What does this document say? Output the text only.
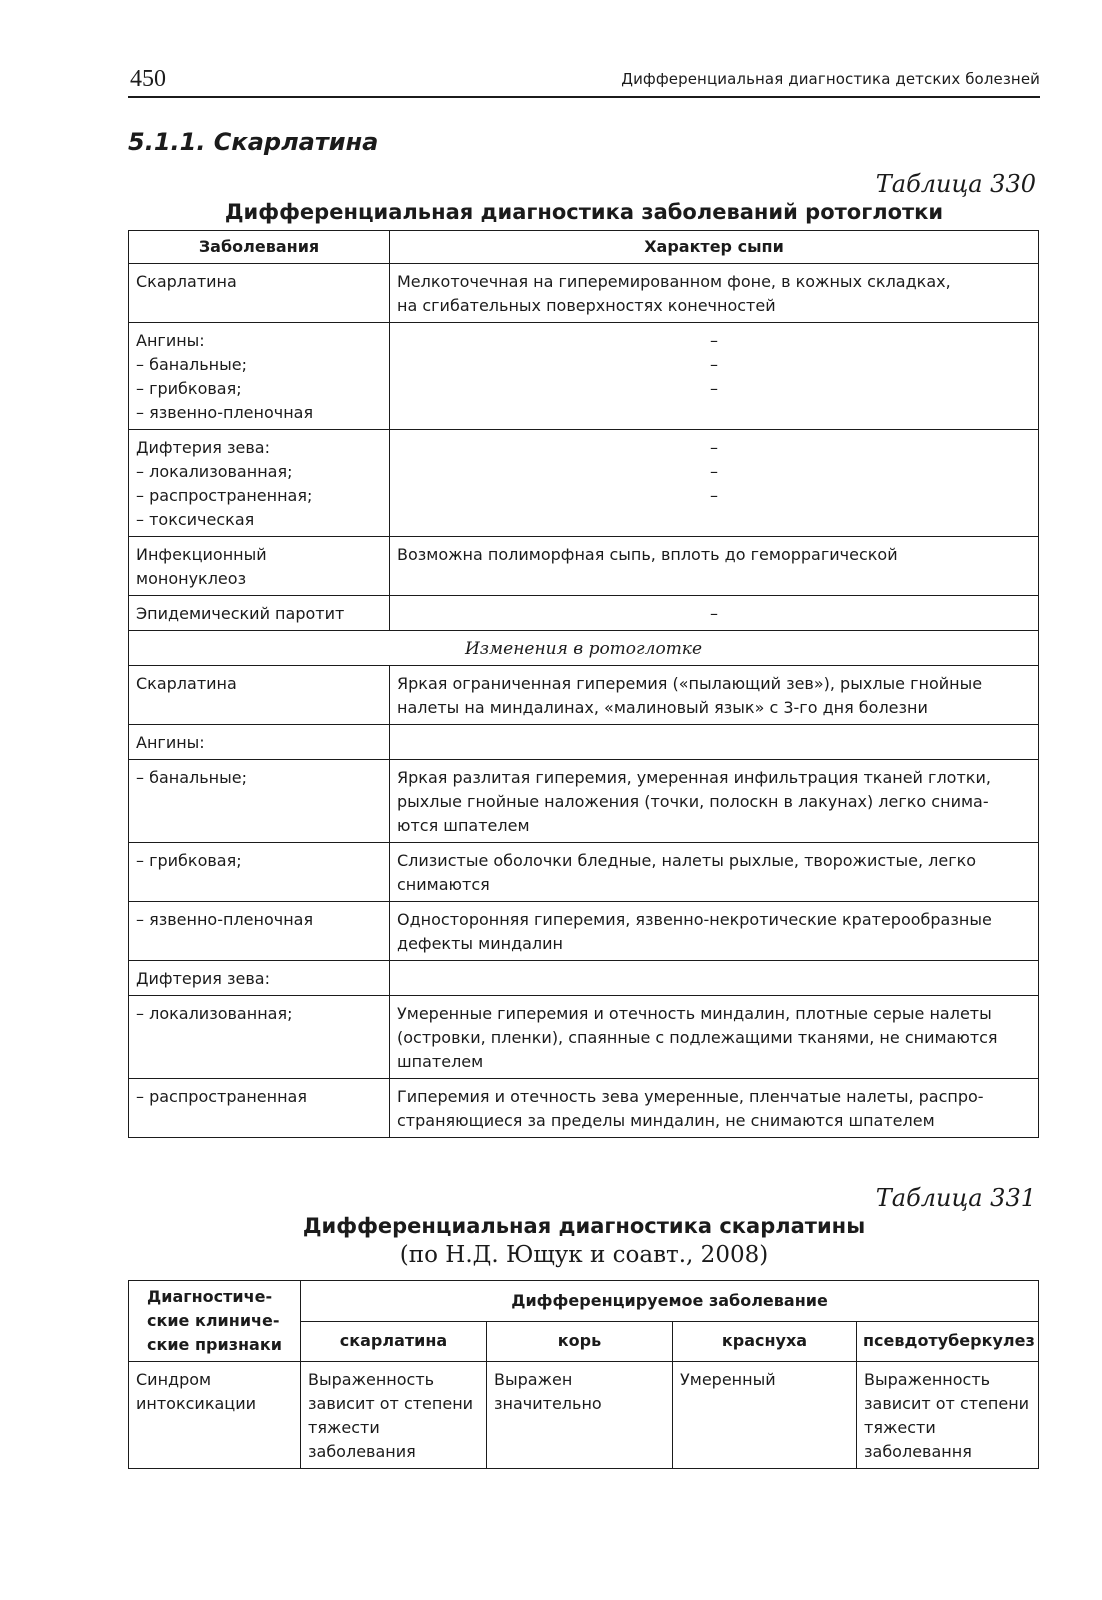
450	Дифференциальная диагностика детских болезней
5.1.1. Скарлатина
Таблица 330
Дифференциальная диагностика заболеваний ротоглотки
Заболевания	Характер сыпи

Скарлатина	Мелкоточечная на гиперемированном фоне, в кожных складках,
на сгибательных поверхностях конечностей

Ангины:
– банальные;
– грибковая;
– язвенно-пленочная	–
–
–

Дифтерия зева:
– локализованная;
– распространенная;
– токсическая	–
–
–

Инфекционный
мононуклеоз	Возможна полиморфная сыпь, вплоть до геморрагической

Эпидемический паротит	–

Изменения в ротоглотке	
Скарлатина	Яркая ограниченная гиперемия («пылающий зев»), рыхлые гнойные
налеты на миндалинах, «малиновый язык» с 3-го дня болезни

Ангины:	
– банальные;	Яркая разлитая гиперемия, умеренная инфильтрация тканей глотки,
рыхлые гнойные наложения (точки, полоскн в лакунах) легко снима-
ются шпателем

– грибковая;	Слизистые оболочки бледные, налеты рыхлые, творожистые, легко
снимаются

– язвенно-пленочная	Односторонняя гиперемия, язвенно-некротические кратерообразные
дефекты миндалин

Дифтерия зева:	
– локализованная;	Умеренные гиперемия и отечность миндалин, плотные серые налеты
(островки, пленки), спаянные с подлежащими тканями, не снимаются
шпателем

– распространенная	Гиперемия и отечность зева умеренные, пленчатые налеты, распро-
страняющиеся за пределы миндалин, не снимаются шпателем
Таблица 331
Дифференциальная диагностика скарлатины
(по Н.Д. Ющук и соавт., 2008)
Диагностиче-
ские клиниче-
ские признаки	Дифференцируемое заболевание			
	скарлатина	корь	краснуха	псевдотуберкулез

Синдром
интоксикации	Выраженность
зависит от степени
тяжести
заболевания	Выражен
значительно	Умеренный	Выраженность
зависит от степени
тяжести
заболевання
